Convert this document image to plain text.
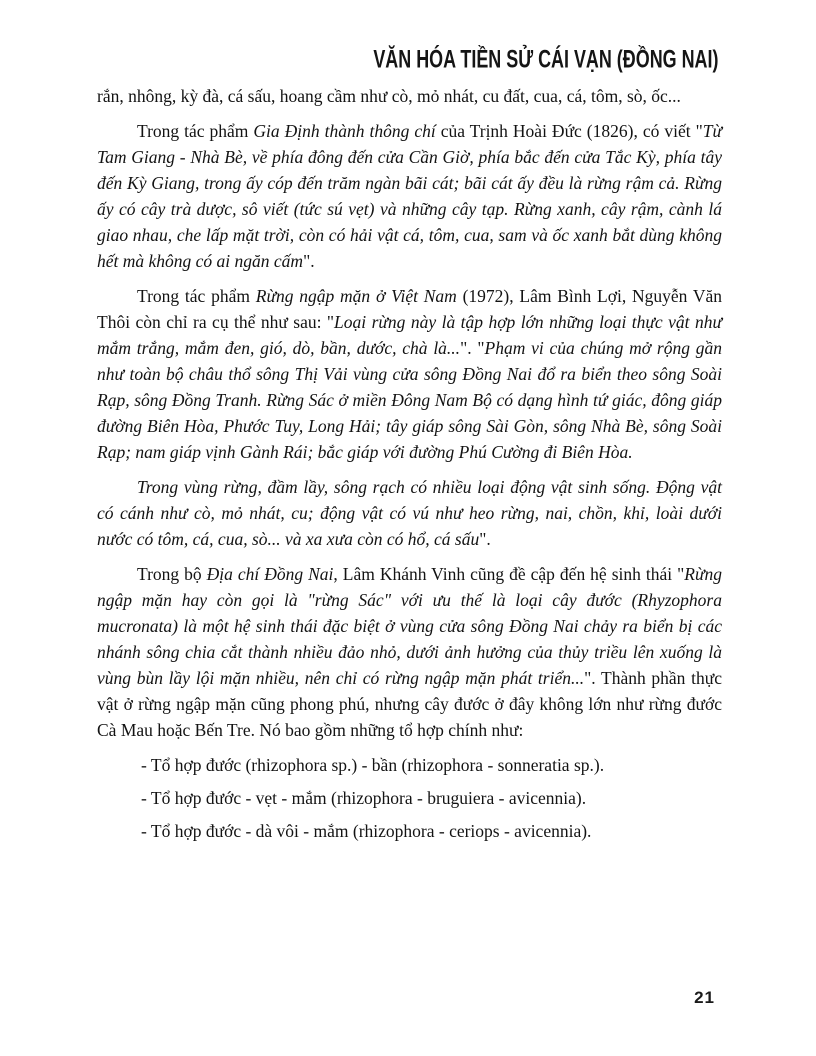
VĂN HÓA TIỀN SỬ CÁI VẠN (ĐỒNG NAI)

rắn, nhông, kỳ đà, cá sấu, hoang cầm như cò, mỏ nhát, cu đất, cua, cá, tôm, sò, ốc...

Trong tác phẩm Gia Định thành thông chí của Trịnh Hoài Đức (1826), có viết "Từ Tam Giang - Nhà Bè, về phía đông đến cửa Cần Giờ, phía bắc đến cửa Tắc Kỳ, phía tây đến Kỳ Giang, trong ấy cóp đến trăm ngàn bãi cát; bãi cát ấy đều là rừng rậm cả. Rừng ấy có cây trà dược, sô viết (tức sú vẹt) và những cây tạp. Rừng xanh, cây rậm, cành lá giao nhau, che lấp mặt trời, còn có hải vật cá, tôm, cua, sam và ốc xanh bắt dùng không hết mà không có ai ngăn cấm".

Trong tác phẩm Rừng ngập mặn ở Việt Nam (1972), Lâm Bình Lợi, Nguyễn Văn Thôi còn chỉ ra cụ thể như sau: "Loại rừng này là tập hợp lớn những loại thực vật như mắm trắng, mắm đen, gió, dò, bần, dước, chà là...". "Phạm vi của chúng mở rộng gần như toàn bộ châu thổ sông Thị Vải vùng cửa sông Đồng Nai đổ ra biển theo sông Soài Rạp, sông Đồng Tranh. Rừng Sác ở miền Đông Nam Bộ có dạng hình tứ giác, đông giáp đường Biên Hòa, Phước Tuy, Long Hải; tây giáp sông Sài Gòn, sông Nhà Bè, sông Soài Rạp; nam giáp vịnh Gành Rái; bắc giáp với đường Phú Cường đi Biên Hòa.

Trong vùng rừng, đầm lầy, sông rạch có nhiều loại động vật sinh sống. Động vật có cánh như cò, mỏ nhát, cu; động vật có vú như heo rừng, nai, chồn, khỉ, loài dưới nước có tôm, cá, cua, sò... và xa xưa còn có hổ, cá sấu".

Trong bộ Địa chí Đồng Nai, Lâm Khánh Vinh cũng đề cập đến hệ sinh thái "Rừng ngập mặn hay còn gọi là "rừng Sác" với ưu thế là loại cây đước (Rhyzophora mucronata) là một hệ sinh thái đặc biệt ở vùng cửa sông Đồng Nai chảy ra biển bị các nhánh sông chia cắt thành nhiều đảo nhỏ, dưới ảnh hưởng của thủy triều lên xuống là vùng bùn lầy lội mặn nhiều, nên chỉ có rừng ngập mặn phát triển...". Thành phần thực vật ở rừng ngập mặn cũng phong phú, nhưng cây đước ở đây không lớn như rừng đước Cà Mau hoặc Bến Tre. Nó bao gồm những tổ hợp chính như:

- Tổ hợp đước (rhizophora sp.) - bần (rhizophora - sonneratia sp.).

- Tổ hợp đước - vẹt - mắm (rhizophora - bruguiera - avicennia).

- Tổ hợp đước - dà vôi - mắm (rhizophora - ceriops - avicennia).

21
